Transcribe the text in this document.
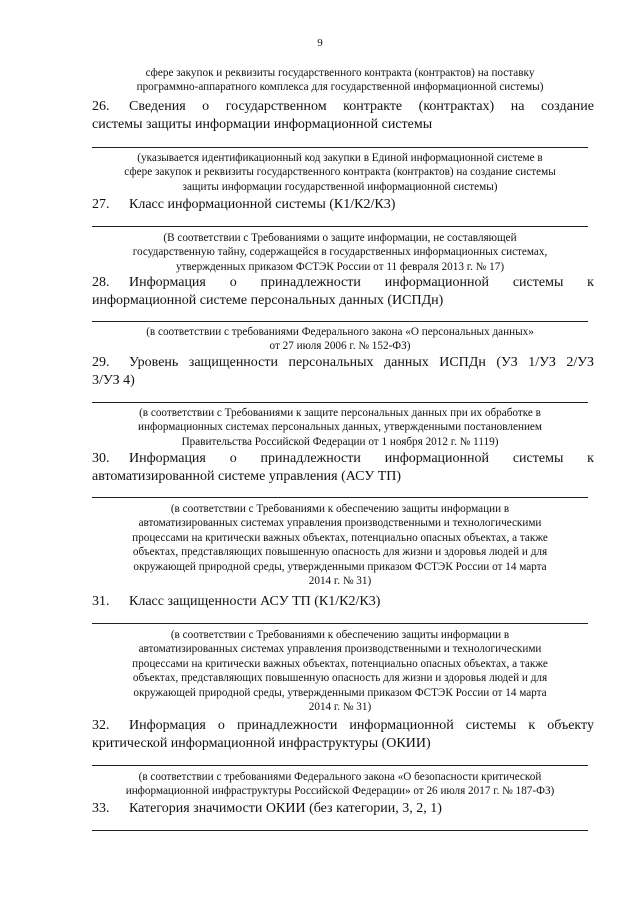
9
сфере закупок и реквизиты государственного контракта (контрактов) на поставку
программно-аппаратного комплекса для государственной информационной системы)
26. Сведения о государственном контракте (контрактах) на создание
системы защиты информации информационной системы
(указывается идентификационный код закупки в Единой информационной системе в
сфере закупок и реквизиты государственного контракта (контрактов) на создание системы
защиты информации государственной информационной системы)
27. Класс информационной системы (К1/К2/К3)
(В соответствии с Требованиями о защите информации, не составляющей
государственную тайну, содержащейся в государственных информационных системах,
утвержденных приказом ФСТЭК России от 11 февраля 2013 г. № 17)
28. Информация о принадлежности информационной системы к
информационной системе персональных данных (ИСПДн)
(в соответствии с требованиями Федерального закона «О персональных данных»
от 27 июля 2006 г. № 152-ФЗ)
29. Уровень защищенности персональных данных ИСПДн (УЗ 1/УЗ 2/УЗ
3/УЗ 4)
(в соответствии с Требованиями к защите персональных данных при их обработке в
информационных системах персональных данных, утвержденными постановлением
Правительства Российской Федерации от 1 ноября 2012 г. № 1119)
30. Информация о принадлежности информационной системы к
автоматизированной системе управления (АСУ ТП)
(в соответствии с Требованиями к обеспечению защиты информации в
автоматизированных системах управления производственными и технологическими
процессами на критически важных объектах, потенциально опасных объектах, а также
объектах, представляющих повышенную опасность для жизни и здоровья людей и для
окружающей природной среды, утвержденными приказом ФСТЭК России от 14 марта
2014 г. № 31)
31. Класс защищенности АСУ ТП (К1/К2/К3)
(в соответствии с Требованиями к обеспечению защиты информации в
автоматизированных системах управления производственными и технологическими
процессами на критически важных объектах, потенциально опасных объектах, а также
объектах, представляющих повышенную опасность для жизни и здоровья людей и для
окружающей природной среды, утвержденными приказом ФСТЭК России от 14 марта
2014 г. № 31)
32. Информация о принадлежности информационной системы к объекту
критической информационной инфраструктуры (ОКИИ)
(в соответствии с требованиями Федерального закона «О безопасности критической
информационной инфраструктуры Российской Федерации» от 26 июля 2017 г. № 187-ФЗ)
33. Категория значимости ОКИИ (без категории, 3, 2, 1)
